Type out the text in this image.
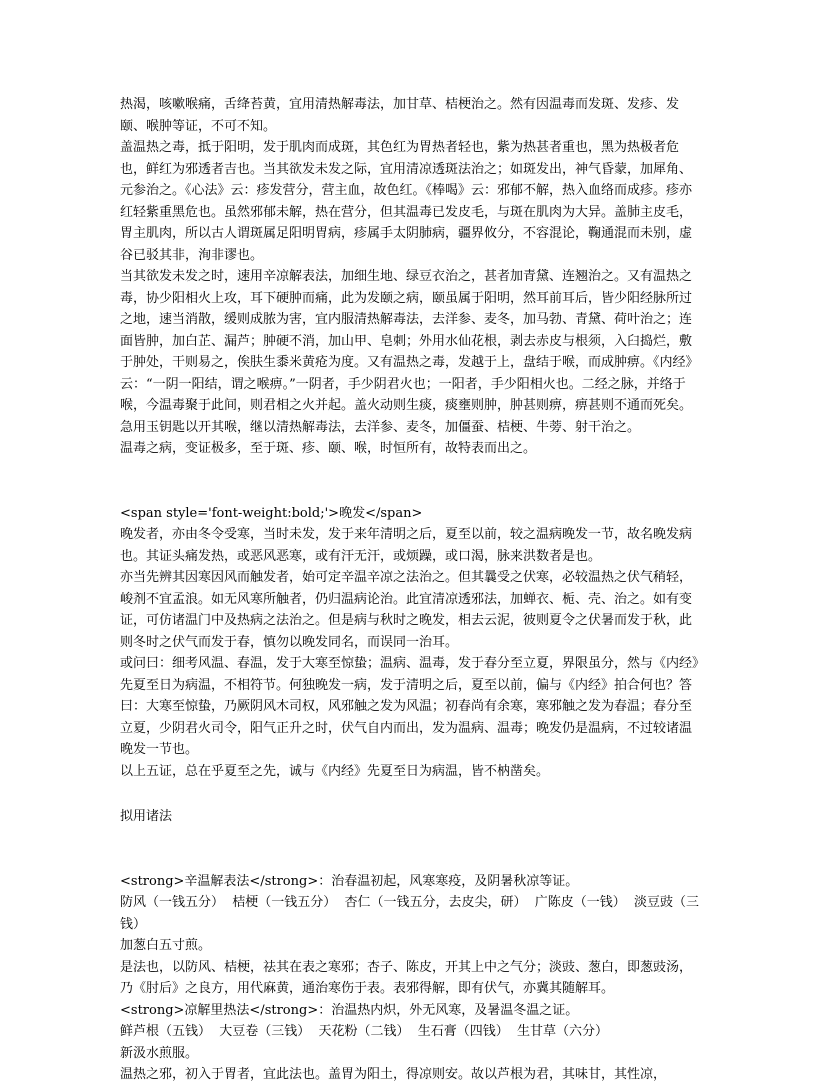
热渴，咳嗽喉痛，舌绛苔黄，宜用清热解毒法，加甘草、桔梗治之。然有因温毒而发斑、发疹、发颐、喉肿等证，不可不知。

盖温热之毒，抵于阳明，发于肌肉而成斑，其色红为胃热者轻也，紫为热甚者重也，黑为热极者危也，鲜红为邪透者吉也。当其欲发未发之际，宜用清凉透斑法治之；如斑发出，神气昏蒙，加犀角、元参治之。《心法》云：疹发营分，营主血，故色红。《棒喝》云：邪郁不解，热入血络而成疹。疹亦红轻紫重黑危也。虽然邪郁未解，热在营分，但其温毒已发皮毛，与斑在肌肉为大异。盖肺主皮毛，胃主肌肉，所以古人谓斑属足阳明胃病，疹属手太阴肺病，疆界攸分，不容混论，鞠通混而未别，虚谷已驳其非，洵非谬也。

当其欲发未发之时，速用辛凉解表法，加细生地、绿豆衣治之，甚者加青黛、连翘治之。又有温热之毒，协少阳相火上攻，耳下硬肿而痛，此为发颐之病，颐虽属于阳明，然耳前耳后，皆少阳经脉所过之地，速当消散，缓则成脓为害，宜内服清热解毒法，去洋参、麦冬，加马勃、青黛、荷叶治之；连面皆肿，加白芷、漏芦；肿硬不消，加山甲、皂刺；外用水仙花根，剥去赤皮与根须，入臼捣烂，敷于肿处，干则易之，俟肤生黍米黄疮为度。又有温热之毒，发越于上，盘结于喉，而成肿痹。《内经》云：“一阴一阳结，谓之喉痹。”一阴者，手少阴君火也；一阳者，手少阳相火也。二经之脉，并络于喉，今温毒聚于此间，则君相之火并起。盖火动则生痰，痰壅则肿，肿甚则痹，痹甚则不通而死矣。急用玉钥匙以开其喉，继以清热解毒法，去洋参、麦冬，加僵蚕、桔梗、牛蒡、射干治之。

温毒之病，变证极多，至于斑、疹、颐、喉，时恒所有，故特表而出之。

<span style='font-weight:bold;'>晚发</span>

晚发者，亦由冬令受寒，当时未发，发于来年清明之后，夏至以前，较之温病晚发一节，故名晚发病也。其证头痛发热，或恶风恶寒，或有汗无汗，或烦躁，或口渴，脉来洪数者是也。

亦当先辨其因寒因风而触发者，始可定辛温辛凉之法治之。但其曩受之伏寒，必较温热之伏气稍轻，峻剂不宜孟浪。如无风寒所触者，仍归温病论治。此宜清凉透邪法，加蝉衣、栀、壳、治之。如有变证，可仿诸温门中及热病之法治之。但是病与秋时之晚发，相去云泥，彼则夏令之伏暑而发于秋，此则冬时之伏气而发于春，慎勿以晚发同名，而误同一治耳。

或问曰：细考风温、春温，发于大寒至惊蛰；温病、温毒，发于春分至立夏，界限虽分，然与《内经》先夏至日为病温，不相符节。何独晚发一病，发于清明之后，夏至以前，偏与《内经》拍合何也？答曰：大寒至惊蛰，乃厥阴风木司权，风邪触之发为风温；初春尚有余寒，寒邪触之发为春温；春分至立夏，少阴君火司令，阳气正升之时，伏气自内而出，发为温病、温毒；晚发仍是温病，不过较诸温晚发一节也。

以上五证，总在乎夏至之先，诚与《内经》先夏至日为病温，皆不枘凿矣。

拟用诸法

<strong>辛温解表法</strong>：治春温初起，风寒寒疫，及阴暑秋凉等证。

防风（一钱五分）  桔梗（一钱五分）  杏仁（一钱五分，去皮尖，研）  广陈皮（一钱）  淡豆豉（三钱）

加葱白五寸煎。

是法也，以防风、桔梗，祛其在表之寒邪；杏子、陈皮，开其上中之气分；淡豉、葱白，即葱豉汤，乃《肘后》之良方，用代麻黄，通治寒伤于表。表邪得解，即有伏气，亦冀其随解耳。

<strong>凉解里热法</strong>：治温热内炽，外无风寒，及暑温冬温之证。

鲜芦根（五钱）  大豆卷（三钱）  天花粉（二钱）  生石膏（四钱）  生甘草（六分）

新汲水煎服。

温热之邪，初入于胃者，宜此法也。盖胃为阳土，得凉则安。故以芦根为君，其味甘，其性凉，
